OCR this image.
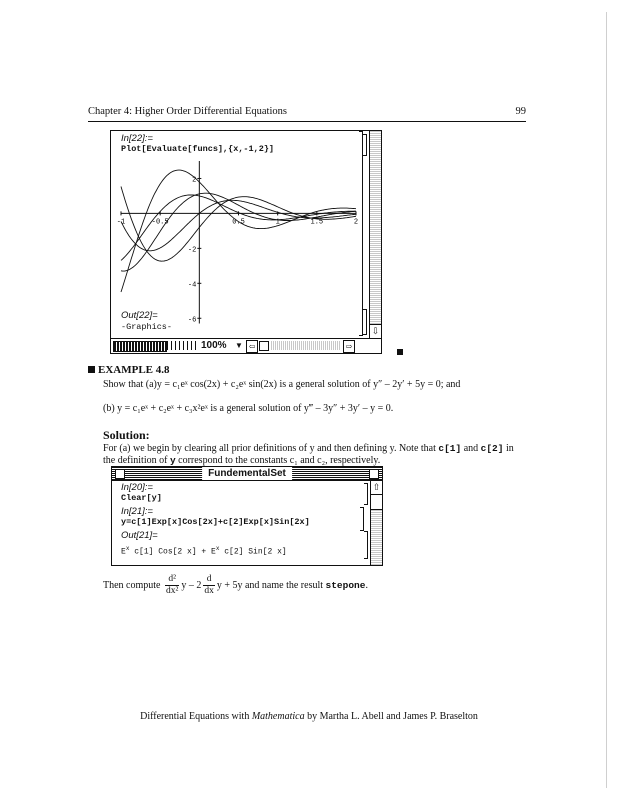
Chapter 4: Higher Order Differential Equations	99
In[22]:=
Plot[Evaluate[funcs],{x,-1,2}]
-1	-0.5	0.5	1	1.5	2
2
-2
-4
-6
Out[22]=
-Graphics-	⇩
100% ▼ ⇦	⇨
EXAMPLE 4.8
Show that (a)y = c₁eˣ cos(2x) + c₂eˣ sin(2x) is a general solution of y″ – 2y′ + 5y = 0; and
(b) y = c₁eˣ + c₂eˣ + c₃x²eˣ is a general solution of y‴ – 3y″ + 3y′ – y = 0.
Solution:
For (a) we begin by clearing all prior definitions of y and then defining y. Note that c[1] and c[2] in
the definition of y correspond to the constants c₁ and c₂, respectively.
FundementalSet
In[20]:=
Clear[y]
In[21]:=
y=c[1]Exp[x]Cos[2x]+c[2]Exp[x]Sin[2x]
Out[21]=
$E^x$ c[1] Cos[2 $x] + E^x$ c[2] Sin[2 x]
⇧
Then compute $\frac{\text{d²}}{\text{dx²}}$ y – $2 \frac{d}{dx}$ y + 5y and name the result stepone.
Differential Equations with Mathematica by Martha L. Abell and James P. Braselton
